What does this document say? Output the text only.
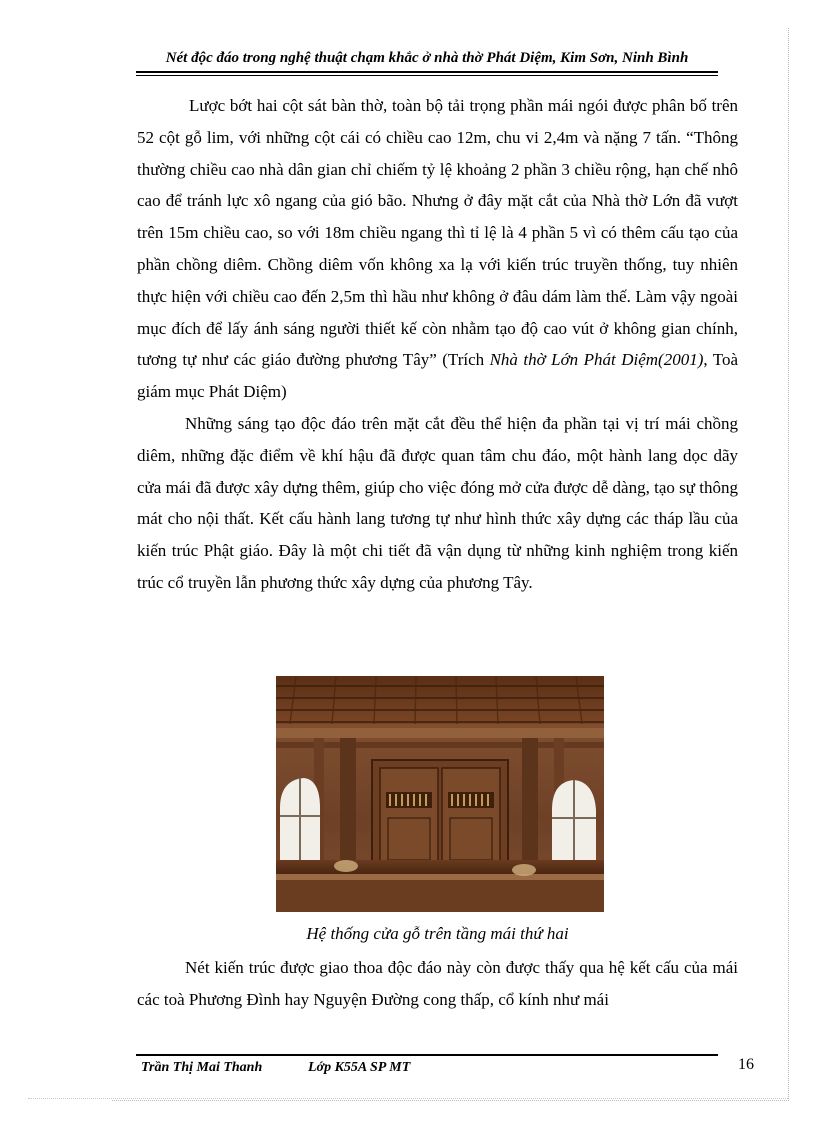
Nét độc đáo trong nghệ thuật chạm khắc ở nhà thờ Phát Diệm, Kim Sơn, Ninh Bình

Lược bớt hai cột sát bàn thờ, toàn bộ tải trọng phần mái ngói được phân bố trên 52 cột gỗ lim, với những cột cái có chiều cao 12m, chu vi 2,4m và nặng 7 tấn. “Thông thường chiều cao nhà dân gian chỉ chiếm tỷ lệ khoảng 2 phần 3 chiều rộng, hạn chế nhô cao để tránh lực xô ngang của gió bão. Nhưng ở đây mặt cắt của Nhà thờ Lớn đã vượt trên 15m chiều cao, so với 18m chiều ngang thì tỉ lệ là 4 phần 5 vì có thêm cấu tạo của phần chồng diêm. Chồng diêm vốn không xa lạ với kiến trúc truyền thống, tuy nhiên thực hiện với chiều cao đến 2,5m thì hầu như không ở đâu dám làm thế. Làm vậy ngoài mục đích để lấy ánh sáng người thiết kế còn nhằm tạo độ cao vút ở không gian chính, tương tự như các giáo đường phương Tây” (Trích Nhà thờ Lớn Phát Diệm(2001), Toà giám mục Phát Diệm)

Những sáng tạo độc đáo trên mặt cắt đều thể hiện đa phần tại vị trí mái chồng diêm, những đặc điểm về khí hậu đã được quan tâm chu đáo, một hành lang dọc dãy cửa mái đã được xây dựng thêm, giúp cho việc đóng mở cửa được dễ dàng, tạo sự thông mát cho nội thất. Kết cấu hành lang tương tự như hình thức xây dựng các tháp lầu của kiến trúc Phật giáo. Đây là một chi tiết đã vận dụng từ những kinh nghiệm trong kiến trúc cổ truyền lẫn phương thức xây dựng của phương Tây.

Hệ thống cửa gỗ trên tầng mái thứ hai

Nét kiến trúc được giao thoa độc đáo này còn được thấy qua hệ kết cấu của mái các toà Phương Đình hay Nguyện Đường cong thấp, cổ kính như mái

Trần Thị Mai Thanh	Lớp K55A SP MT	16
